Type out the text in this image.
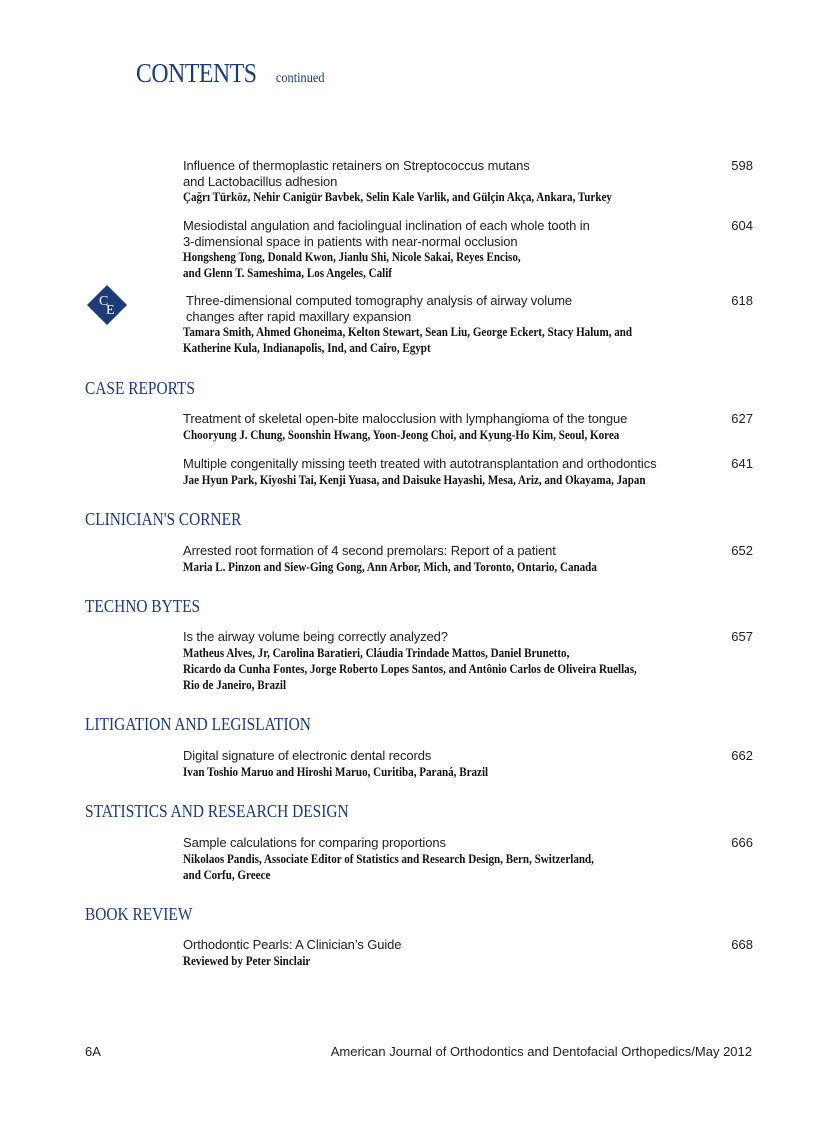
CONTENTS continued
Influence of thermoplastic retainers on Streptococcus mutans
and Lactobacillus adhesion
Çağrı Türköz, Nehir Canigür Bavbek, Selin Kale Varlik, and Gülçin Akça, Ankara, Turkey
598
Mesiodistal angulation and faciolingual inclination of each whole tooth in
3-dimensional space in patients with near-normal occlusion
Hongsheng Tong, Donald Kwon, Jianlu Shi, Nicole Sakai, Reyes Enciso,
and Glenn T. Sameshima, Los Angeles, Calif
604
C
E
Three-dimensional computed tomography analysis of airway volume
changes after rapid maxillary expansion
Tamara Smith, Ahmed Ghoneima, Kelton Stewart, Sean Liu, George Eckert, Stacy Halum, and
Katherine Kula, Indianapolis, Ind, and Cairo, Egypt
618
CASE REPORTS
Treatment of skeletal open-bite malocclusion with lymphangioma of the tongue
Chooryung J. Chung, Soonshin Hwang, Yoon-Jeong Choi, and Kyung-Ho Kim, Seoul, Korea
627
Multiple congenitally missing teeth treated with autotransplantation and orthodontics
Jae Hyun Park, Kiyoshi Tai, Kenji Yuasa, and Daisuke Hayashi, Mesa, Ariz, and Okayama, Japan
641
CLINICIAN'S CORNER
Arrested root formation of 4 second premolars: Report of a patient
Maria L. Pinzon and Siew-Ging Gong, Ann Arbor, Mich, and Toronto, Ontario, Canada
652
TECHNO BYTES
Is the airway volume being correctly analyzed?
Matheus Alves, Jr, Carolina Baratieri, Cláudia Trindade Mattos, Daniel Brunetto,
Ricardo da Cunha Fontes, Jorge Roberto Lopes Santos, and Antônio Carlos de Oliveira Ruellas,
Rio de Janeiro, Brazil
657
LITIGATION AND LEGISLATION
Digital signature of electronic dental records
Ivan Toshio Maruo and Hiroshi Maruo, Curitiba, Paraná, Brazil
662
STATISTICS AND RESEARCH DESIGN
Sample calculations for comparing proportions
Nikolaos Pandis, Associate Editor of Statistics and Research Design, Bern, Switzerland,
and Corfu, Greece
666
BOOK REVIEW
Orthodontic Pearls: A Clinician’s Guide
Reviewed by Peter Sinclair
668
6A	American Journal of Orthodontics and Dentofacial Orthopedics/May 2012
